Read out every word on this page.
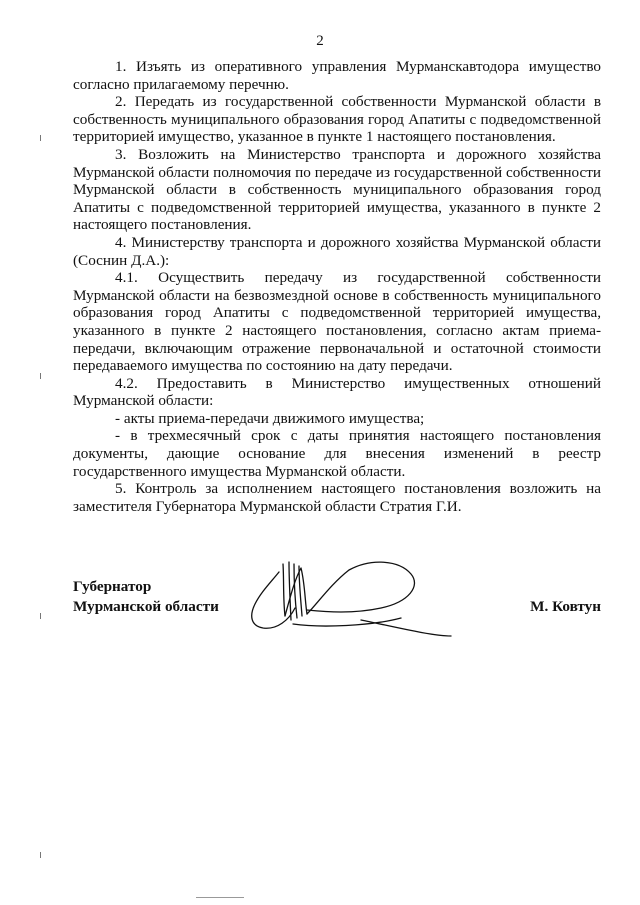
2

1. Изъять из оперативного управления Мурманскавтодора имущество согласно прилагаемому перечню.

2. Передать из государственной собственности Мурманской области в собственность муниципального образования город Апатиты с подведомственной территорией имущество, указанное в пункте 1 настоящего постановления.

3. Возложить на Министерство транспорта и дорожного хозяйства Мурманской области полномочия по передаче из государственной собственности Мурманской области в собственность муниципального образования город Апатиты с подведомственной территорией имущества, указанного в пункте 2 настоящего постановления.

4. Министерству транспорта и дорожного хозяйства Мурманской области (Соснин Д.А.):

4.1. Осуществить передачу из государственной собственности Мурманской области на безвозмездной основе в собственность муниципального образования город Апатиты с подведомственной территорией имущества, указанного в пункте 2 настоящего постановления, согласно актам приема-передачи, включающим отражение первоначальной и остаточной стоимости передаваемого имущества по состоянию на дату передачи.

4.2. Предоставить в Министерство имущественных отношений Мурманской области:

- акты приема-передачи движимого имущества;

- в трехмесячный срок с даты принятия настоящего постановления документы, дающие основание для внесения изменений в реестр государственного имущества Мурманской области.

5. Контроль за исполнением настоящего постановления возложить на заместителя Губернатора Мурманской области Стратия Г.И.

Губернатор
Мурманской области	М. Ковтун
